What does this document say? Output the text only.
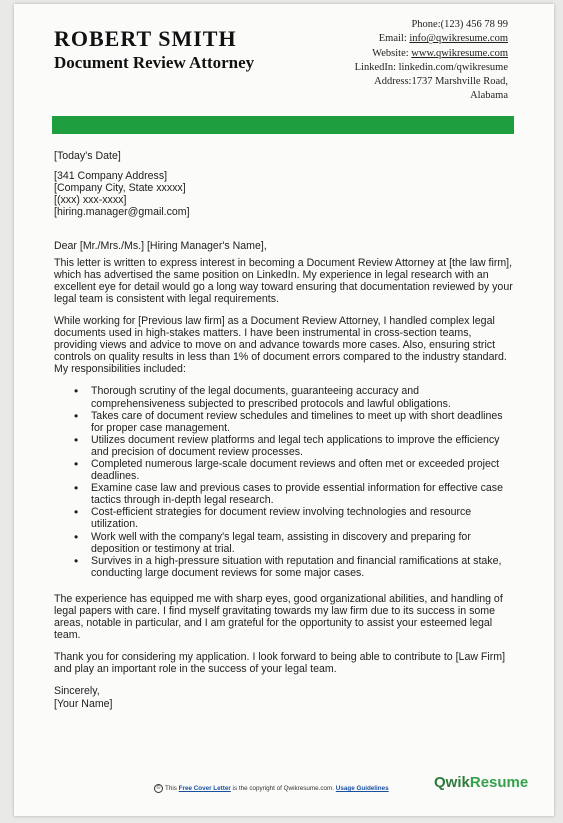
ROBERT SMITH
Document Review Attorney
Phone:(123) 456 78 99
Email: info@qwikresume.com
Website: www.qwikresume.com
LinkedIn: linkedin.com/qwikresume
Address:1737 Marshville Road,
Alabama

[Today's Date]

[341 Company Address]

[Company City, State xxxxx]

[(xxx) xxx-xxxx]

[hiring.manager@gmail.com]

Dear [Mr./Mrs./Ms.] [Hiring Manager's Name],

This letter is written to express interest in becoming a Document Review Attorney at [the law firm], which has advertised the same position on LinkedIn. My experience in legal research with an excellent eye for detail would go a long way toward ensuring that documentation reviewed by your legal team is consistent with legal requirements.

While working for [Previous law firm] as a Document Review Attorney, I handled complex legal documents used in high-stakes matters. I have been instrumental in cross-section teams, providing views and advice to move on and advance towards more cases. Also, ensuring strict controls on quality results in less than 1% of document errors compared to the industry standard. My responsibilities included:

• Thorough scrutiny of the legal documents, guaranteeing accuracy and comprehensiveness subjected to prescribed protocols and lawful obligations.
• Takes care of document review schedules and timelines to meet up with short deadlines for proper case management.
• Utilizes document review platforms and legal tech applications to improve the efficiency and precision of document review processes.
• Completed numerous large-scale document reviews and often met or exceeded project deadlines.
• Examine case law and previous cases to provide essential information for effective case tactics through in-depth legal research.
• Cost-efficient strategies for document review involving technologies and resource utilization.
• Work well with the company's legal team, assisting in discovery and preparing for deposition or testimony at trial.
• Survives in a high-pressure situation with reputation and financial ramifications at stake, conducting large document reviews for some major cases.

The experience has equipped me with sharp eyes, good organizational abilities, and handling of legal papers with care. I find myself gravitating towards my law firm due to its success in some areas, notable in particular, and I am grateful for the opportunity to assist your esteemed legal team.

Thank you for considering my application. I look forward to being able to contribute to [Law Firm] and play an important role in the success of your legal team.

Sincerely,

[Your Name]

© This Free Cover Letter is the copyright of Qwikresume.com. Usage Guidelines	QwikResume
